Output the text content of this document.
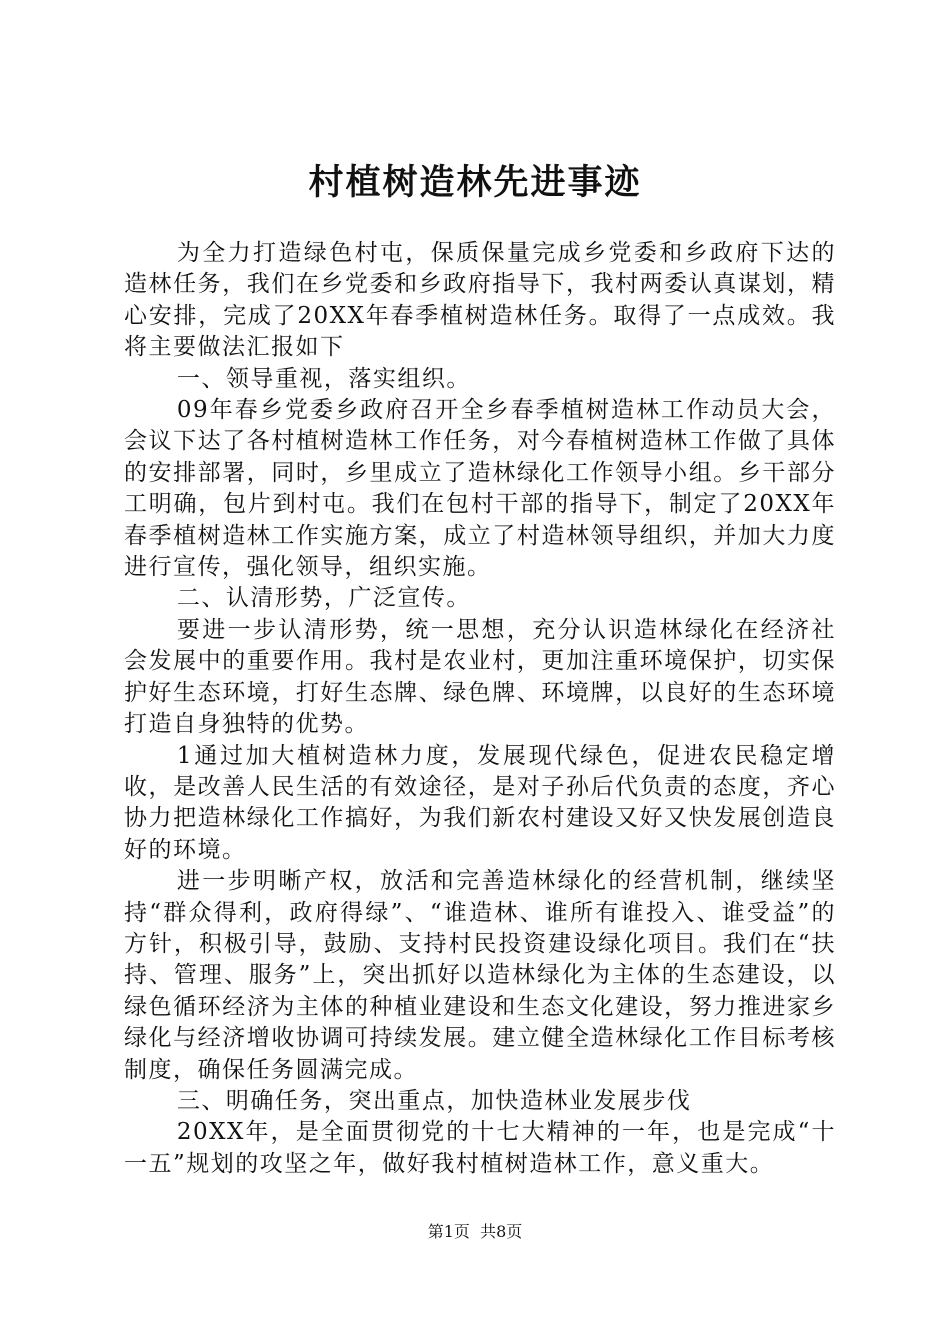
村植树造林先进事迹

为全力打造绿色村屯，保质保量完成乡党委和乡政府下达的造林任务，我们在乡党委和乡政府指导下，我村两委认真谋划，精心安排，完成了20XX年春季植树造林任务。取得了一点成效。我将主要做法汇报如下

一、领导重视，落实组织。

09年春乡党委乡政府召开全乡春季植树造林工作动员大会，会议下达了各村植树造林工作任务，对今春植树造林工作做了具体的安排部署，同时，乡里成立了造林绿化工作领导小组。乡干部分工明确，包片到村屯。我们在包村干部的指导下，制定了20XX年春季植树造林工作实施方案，成立了村造林领导组织，并加大力度进行宣传，强化领导，组织实施。

二、认清形势，广泛宣传。

要进一步认清形势，统一思想，充分认识造林绿化在经济社会发展中的重要作用。我村是农业村，更加注重环境保护，切实保护好生态环境，打好生态牌、绿色牌、环境牌，以良好的生态环境打造自身独特的优势。

1通过加大植树造林力度，发展现代绿色，促进农民稳定增收，是改善人民生活的有效途径，是对子孙后代负责的态度，齐心协力把造林绿化工作搞好，为我们新农村建设又好又快发展创造良好的环境。

进一步明晰产权，放活和完善造林绿化的经营机制，继续坚持“群众得利，政府得绿”、“谁造林、谁所有谁投入、谁受益”的方针，积极引导，鼓励、支持村民投资建设绿化项目。我们在“扶持、管理、服务”上，突出抓好以造林绿化为主体的生态建设，以绿色循环经济为主体的种植业建设和生态文化建设，努力推进家乡绿化与经济增收协调可持续发展。建立健全造林绿化工作目标考核制度，确保任务圆满完成。

三、明确任务，突出重点，加快造林业发展步伐

20XX年，是全面贯彻党的十七大精神的一年，也是完成“十一五”规划的攻坚之年，做好我村植树造林工作，意义重大。

第1页 共8页
